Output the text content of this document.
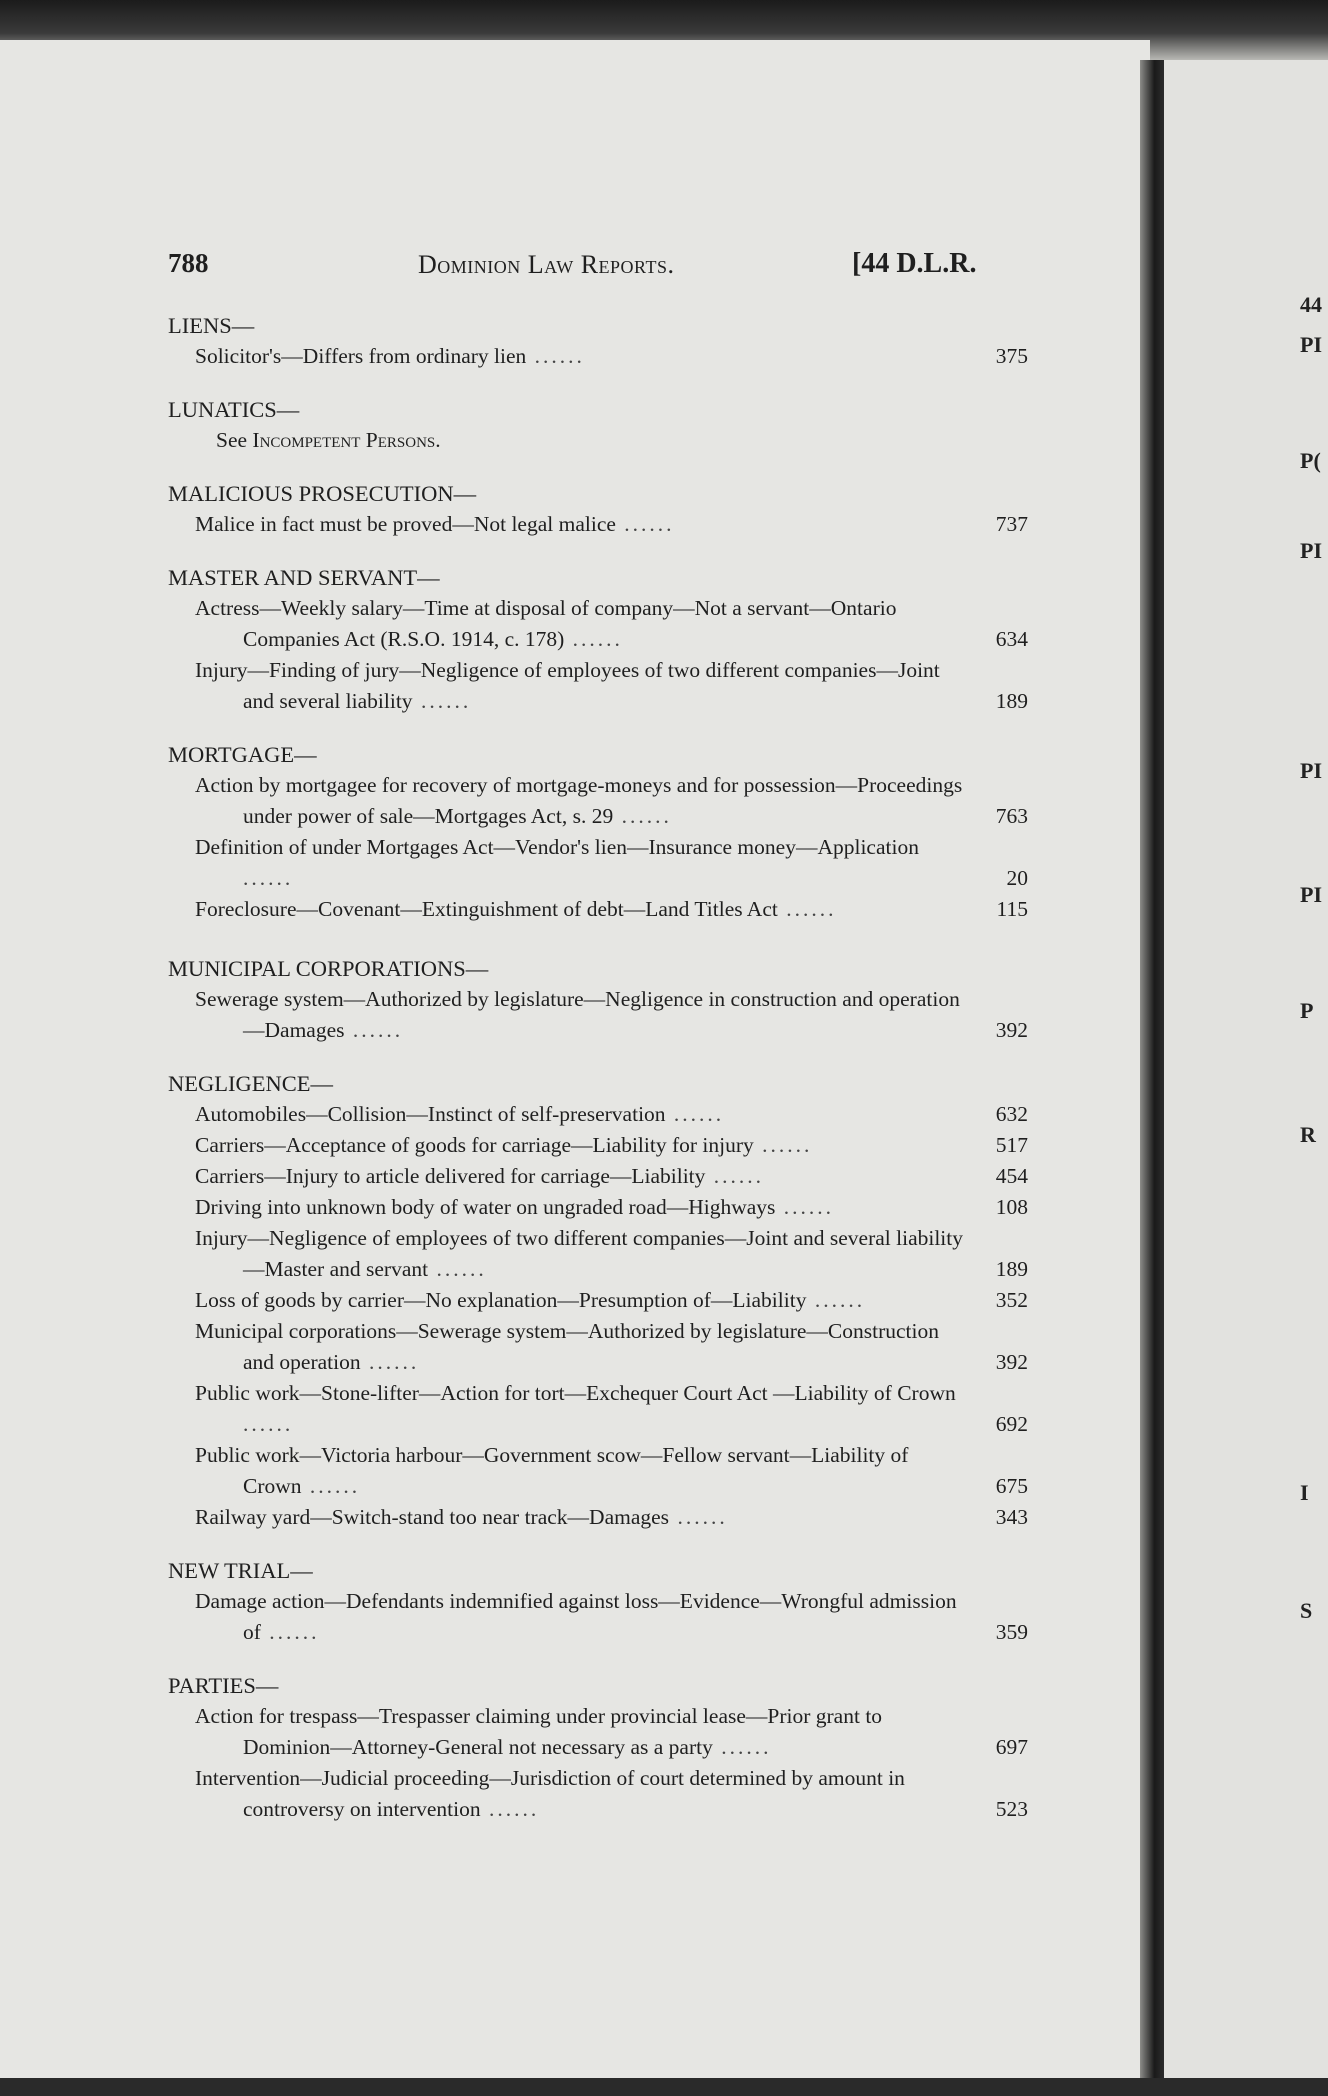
44
PI
P(
PI
PI
PI
P
R
I
S
788	Dominion Law Reports.	[44 D.L.R.
LIENS—
Solicitor's—Differs from ordinary lien ......	375
LUNATICS—
See Incompetent Persons.
MALICIOUS PROSECUTION—
Malice in fact must be proved—Not legal malice ......	737
MASTER AND SERVANT—
Actress—Weekly salary—Time at disposal of company—Not a servant—Ontario Companies Act (R.S.O. 1914, c. 178) ......	634
Injury—Finding of jury—Negligence of employees of two different companies—Joint and several liability ......	189
MORTGAGE—
Action by mortgagee for recovery of mortgage-moneys and for possession—Proceedings under power of sale—Mortgages Act, s. 29 ......	763
Definition of under Mortgages Act—Vendor's lien—Insurance money—Application ......	20
Foreclosure—Covenant—Extinguishment of debt—Land Titles Act ......	115
MUNICIPAL CORPORATIONS—
Sewerage system—Authorized by legislature—Negligence in construction and operation—Damages ......	392
NEGLIGENCE—
Automobiles—Collision—Instinct of self-preservation ......	632
Carriers—Acceptance of goods for carriage—Liability for injury ......	517
Carriers—Injury to article delivered for carriage—Liability ......	454
Driving into unknown body of water on ungraded road—Highways ......	108
Injury—Negligence of employees of two different companies—Joint and several liability—Master and servant ......	189
Loss of goods by carrier—No explanation—Presumption of—Liability ......	352
Municipal corporations—Sewerage system—Authorized by legislature—Construction and operation ......	392
Public work—Stone-lifter—Action for tort—Exchequer Court Act —Liability of Crown ......	692
Public work—Victoria harbour—Government scow—Fellow servant—Liability of Crown ......	675
Railway yard—Switch-stand too near track—Damages ......	343
NEW TRIAL—
Damage action—Defendants indemnified against loss—Evidence—Wrongful admission of ......	359
PARTIES—
Action for trespass—Trespasser claiming under provincial lease—Prior grant to Dominion—Attorney-General not necessary as a party ......	697
Intervention—Judicial proceeding—Jurisdiction of court determined by amount in controversy on intervention ......	523
